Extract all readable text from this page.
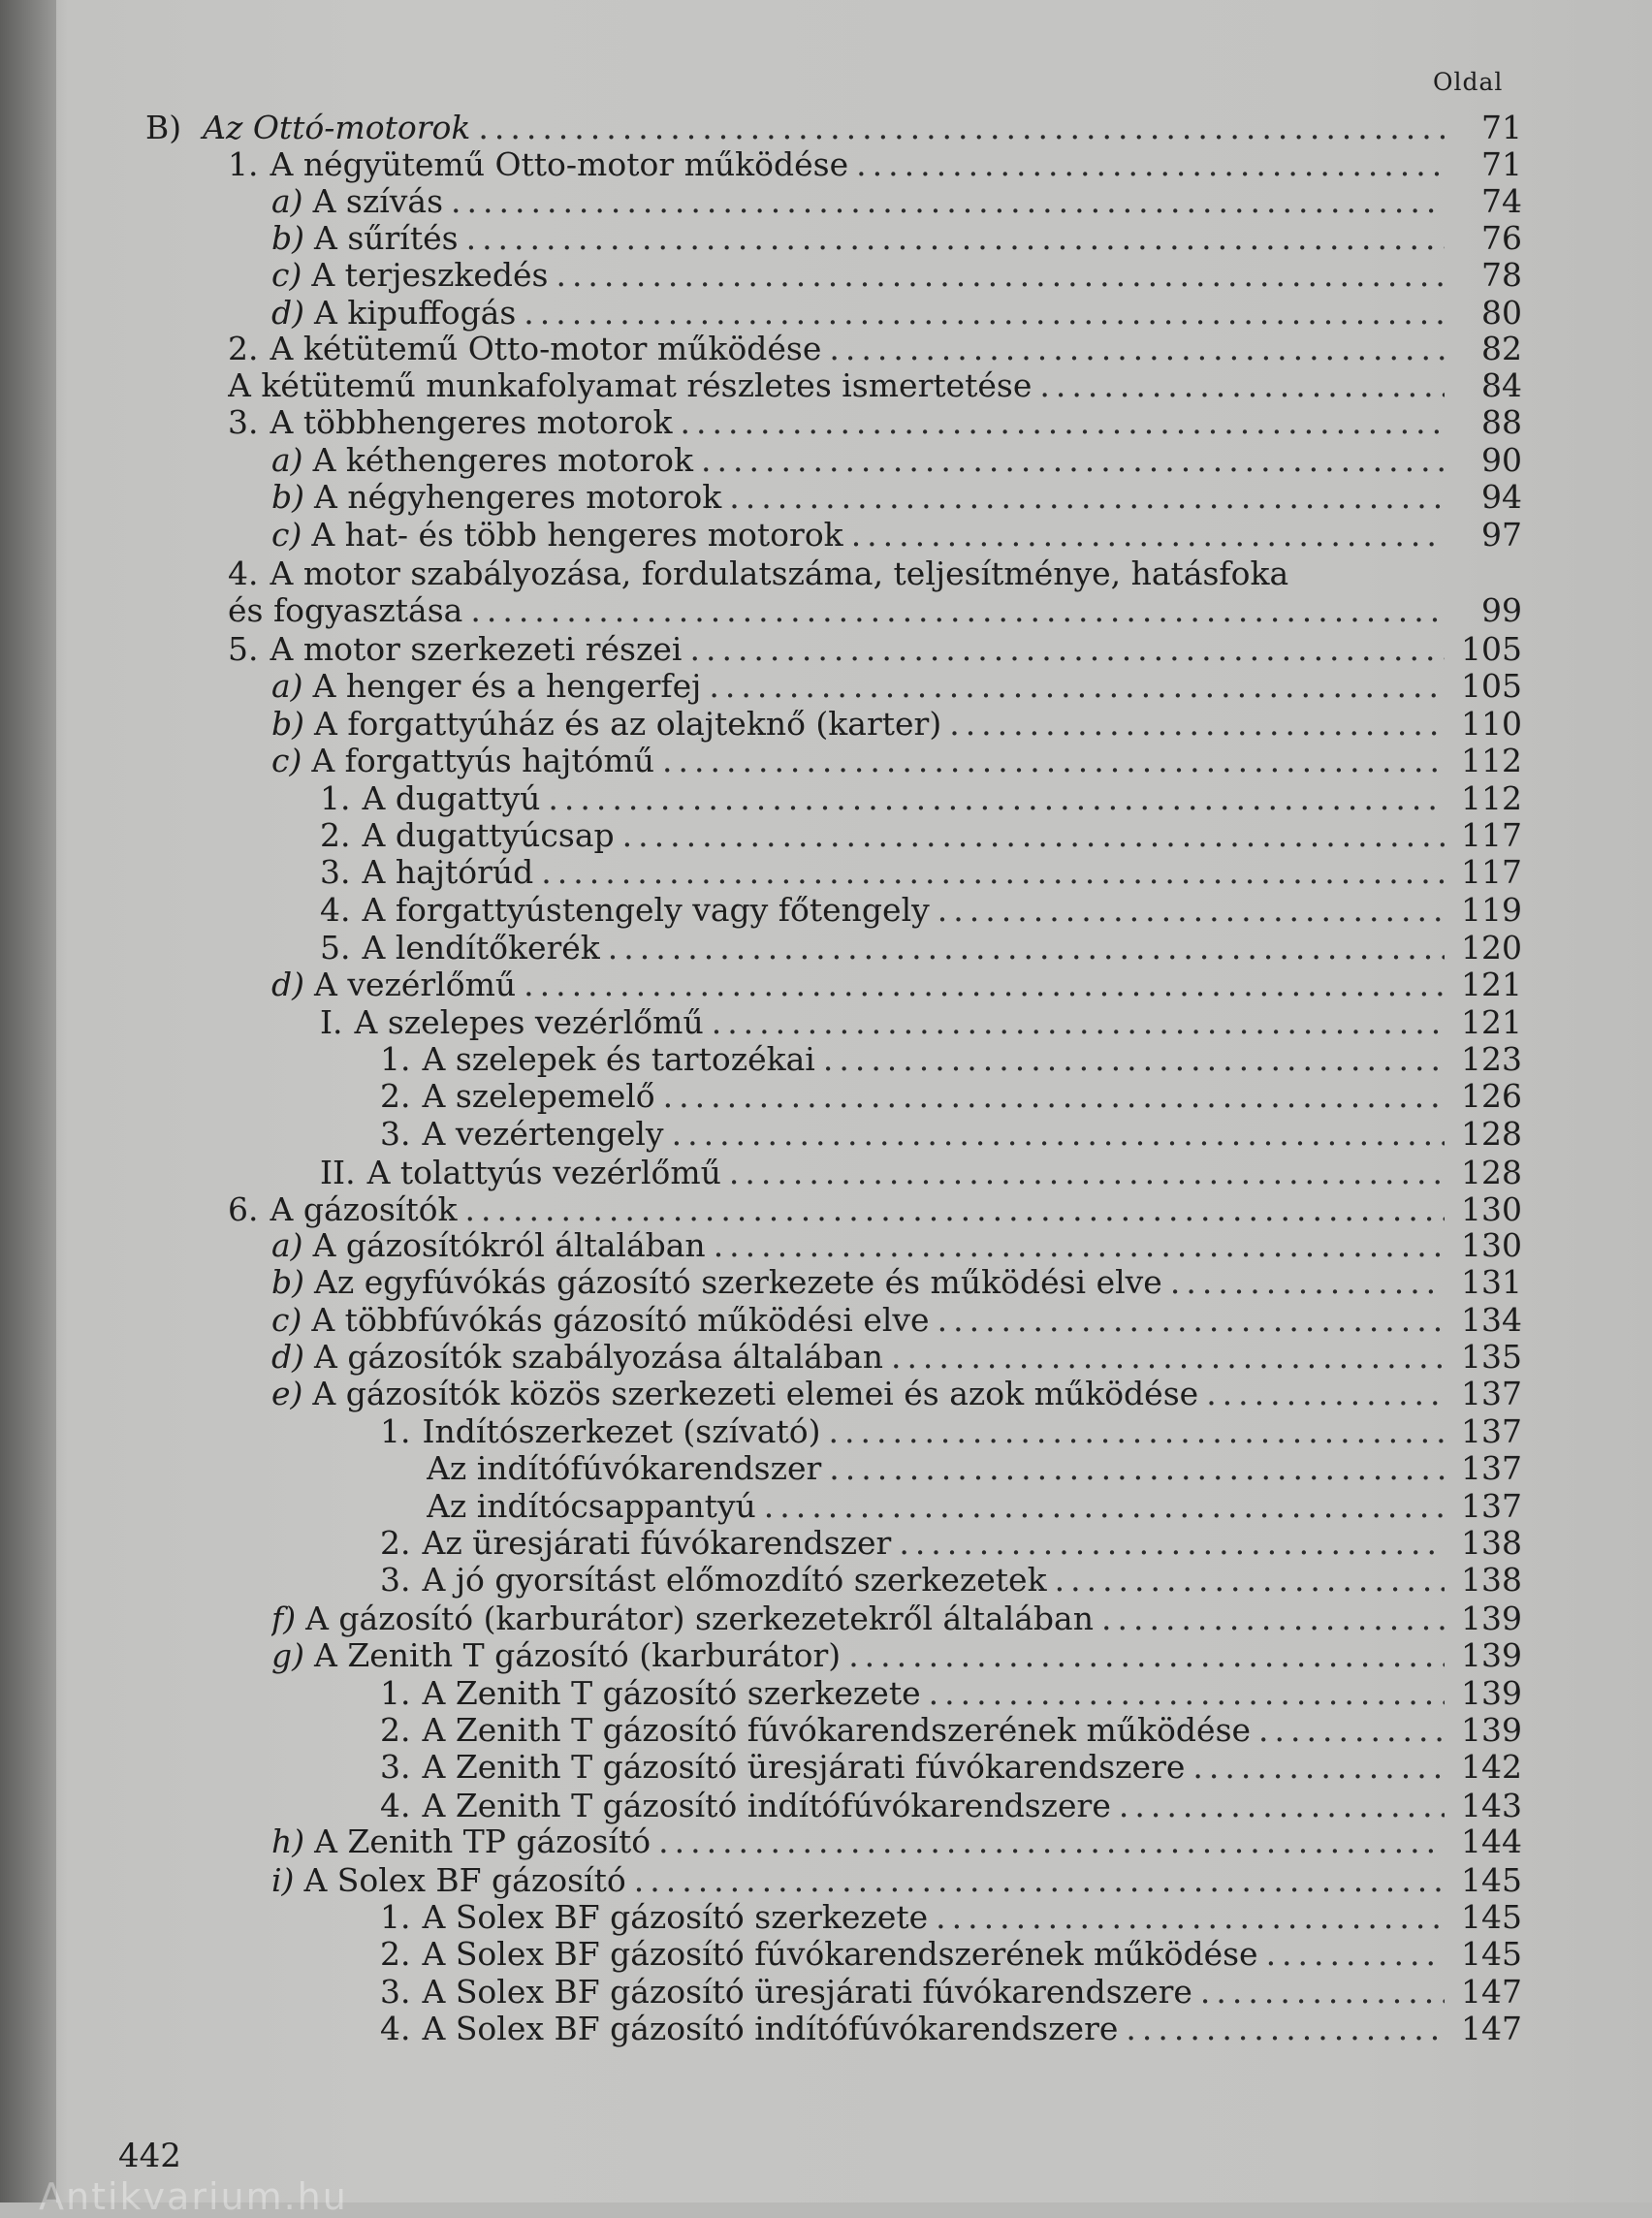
Oldal
B) Az Ottó-motorok .....	71
1. A négyütemű Otto-motor működése .....	71
a) A szívás .....	74
b) A sűrítés .....	76
c) A terjeszkedés .....	78
d) A kipuffogás .....	80
2. A kétütemű Otto-motor működése .....	82
A kétütemű munkafolyamat részletes ismertetése .....	84
3. A többhengeres motorok .....	88
a) A kéthengeres motorok .....	90
b) A négyhengeres motorok .....	94
c) A hat- és több hengeres motorok .....	97
4. A motor szabályozása, fordulatszáma, teljesítménye, hatásfoka
és fogyasztása .....	99
5. A motor szerkezeti részei .....	105
a) A henger és a hengerfej .....	105
b) A forgattyúház és az olajteknő (karter) .....	110
c) A forgattyús hajtómű .....	112
1. A dugattyú .....	112
2. A dugattyúcsap .....	117
3. A hajtórúd .....	117
4. A forgattyústengely vagy főtengely .....	119
5. A lendítőkerék .....	120
d) A vezérlőmű .....	121
I. A szelepes vezérlőmű .....	121
1. A szelepek és tartozékai .....	123
2. A szelepemelő .....	126
3. A vezértengely .....	128
II. A tolattyús vezérlőmű .....	128
6. A gázosítók .....	130
a) A gázosítókról általában .....	130
b) Az egyfúvókás gázosító szerkezete és működési elve .....	131
c) A többfúvókás gázosító működési elve .....	134
d) A gázosítók szabályozása általában .....	135
e) A gázosítók közös szerkezeti elemei és azok működése .....	137
1. Indítószerkezet (szívató) .....	137
Az indítófúvókarendszer .....	137
Az indítócsappantyú .....	137
2. Az üresjárati fúvókarendszer .....	138
3. A jó gyorsítást előmozdító szerkezetek .....	138
f) A gázosító (karburátor) szerkezetekről általában .....	139
g) A Zenith T gázosító (karburátor) .....	139
1. A Zenith T gázosító szerkezete .....	139
2. A Zenith T gázosító fúvókarendszerének működése .....	139
3. A Zenith T gázosító üresjárati fúvókarendszere .....	142
4. A Zenith T gázosító indítófúvókarendszere .....	143
h) A Zenith TP gázosító .....	144
i) A Solex BF gázosító .....	145
1. A Solex BF gázosító szerkezete .....	145
2. A Solex BF gázosító fúvókarendszerének működése .....	145
3. A Solex BF gázosító üresjárati fúvókarendszere .....	147
4. A Solex BF gázosító indítófúvókarendszere .....	147
442
Antikvarium.hu
